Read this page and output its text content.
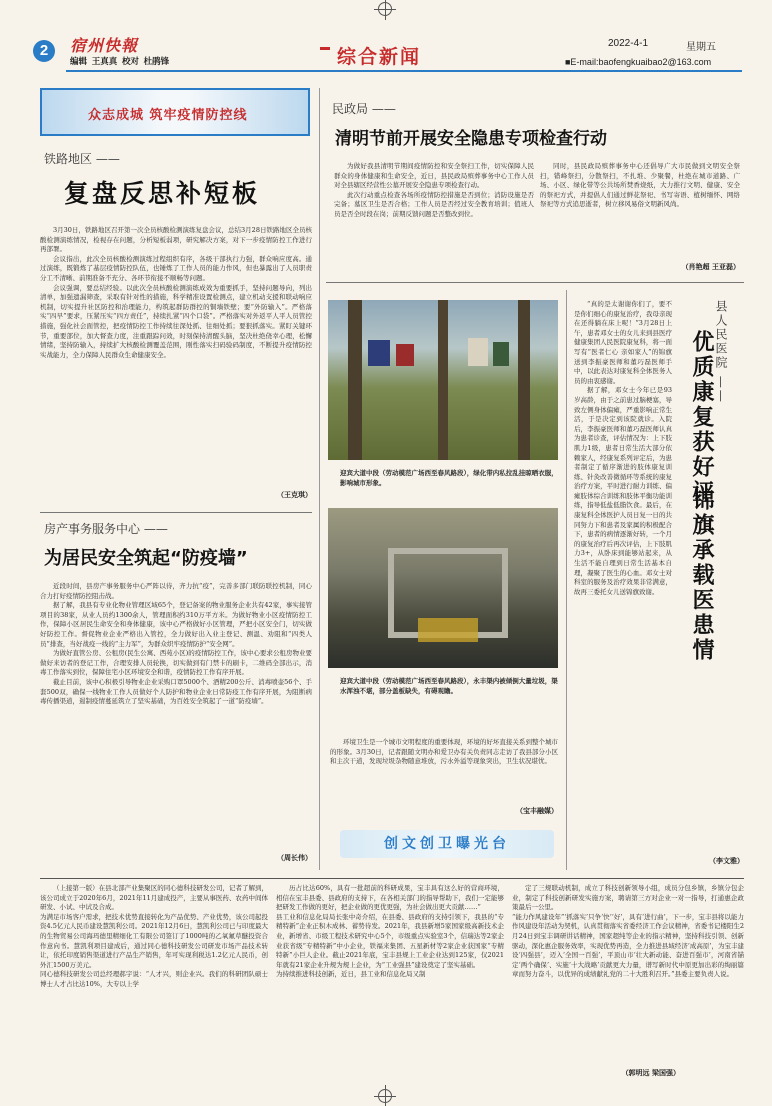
2	宿州快報
编辑  王真真  校对  杜鹃锋	综合新闻
2022-4-1	星期五
■E-mail:baofengkuaibao2@163.com
众志成城 筑牢疫情防控线
铁路地区 ——
复盘反思补短板

3月30日，铁路地区召开第一次全员核酸检测演练复盘会议，总结3月28日铁路地区全员核酸检测演练情况，检视存在问题，分析短板弱项，研究解决方案，对下一步疫情防控工作进行再部署。

会议指出，此次全员核酸检测演练过程组织有序，各级干部执行力强，群众响应度高。通过演练，既锻炼了基层疫情防控队伍，也锤炼了工作人员的能力作风，但也暴露出了人员职责分工不清晰、前期准备不充分、各环节衔接不顺畅等问题。

会议强调，要总结经验。以此次全员核酸检测演练成效为重要抓手，坚持问题导向，列出清单，加强遗漏筛查，采取有针对性的措施，科学精准设置检测点，建立机动支援和联动响应机制，切实提升社区防控和治理能力，构筑起群防群控的铜墙铁壁；要“外防输入”。严格落实“四早”要求，压紧压实“四方责任”，持续扎紧“四个口袋”。严格落实对外返平人平人员管控措施，强化社会面管控，把疫情防控工作持续往深处抓、往细处抓；要狠抓落实。紧盯关键环节，重要部位，加大督查力度，注重跟踪问效，时刻保持清醒头脑，坚决杜绝侥幸心理，松懈情绪，坚持防输入，持续扩大核酸检测覆盖范围，刚性落实扫码验码制度，不断提升疫情防控实战能力，全力保障人民群众生命健康安全。

（王克琪）
房产事务服务中心 ——
为居民安全筑起“防疫墙”

近段时间，县房产事务服务中心严阵以待，齐力抗“疫”，完善多部门联防联控机制，同心合力打好疫情防控阻击战。

据了解，我县有专业化物业管理区域65个，登记备案的物业服务企业共有42家，事实接管项目的38家，从业人员约1300余人，管理面积约310万平方米。为做好物业小区疫情防控工作，保障小区居民生命安全和身体健康，该中心严格做好小区管理，严把小区安全门，切实做好防控工作。督促物业企业严格出入管控，全力做好出入业主登记、测温、劝阻和“四类人员”排查，当好战疫一线的“主力军”，为群众织牢疫情防护“安全网”。

为做好直管公房、公租房(民生公寓、西苑小区)的疫情防控工作，该中心要求公租房物业要做好来访者的登记工作，合理安排人员轮换，切实做到有门禁卡的刷卡，二维码全部出示，消毒工作落实到位，保障住宅小区环境安全和谐，疫情防控工作有序开展。

截止目前，该中心积极引导物业企业采购口罩5000个、酒精200公斤、消毒喷壶56个、手套500双，确保一线物业工作人员做好个人防护和物业企业日常防疫工作有序开展，为阻断病毒传播渠道，遏制疫情蔓延筑立了坚实基础，为百姓安全筑起了一道“防疫墙”。

（周长伟）
民政局 ——
清明节前开展安全隐患专项检查行动

为做好我县清明节期间疫情防控和安全祭扫工作，切实保障人民群众的身体健康和生命安全，近日，县民政局殡葬事务中心工作人员对全县辖区经营性公墓开展安全隐患专项检查行动。

此次行动重点检查各场所疫情防控措施是否到位；消防设施是否完备；墓区卫生是否合格；工作人员是否经过安全教育培训；值班人员是否全时段在岗；前期反馈问题是否整改到位。

同时，县民政局殡葬事务中心还倡导广大市民做到文明安全祭扫，错峰祭扫，分散祭扫，不扎堆、少聚餐，杜绝在城市道路、广场、小区、绿化带等公共场所焚香烧纸，大力推行文明、健康、安全的祭祀方式，并提倡人们通过鲜花祭祀、书写寄语、植树缅怀、网络祭祀等方式追思逝者，树立移风易俗文明新风尚。

（肖艳超 王亚磊）
迎宾大道中段（劳动模范广场西至春风路段），绿化带内私拉乱挂晾晒衣服，影响城市形象。
迎宾大道中段（劳动模范广场西至春风路段），永丰渠内被倾倒大量垃圾，渠水浑浊不堪，部分盖板缺失，有碍观瞻。

环境卫生是一个城市文明程度的重要体现，环境的好坏直接关系到整个城市的形象。3月30日，记者跟随文明办和爱卫办有关负责同志走访了我县部分小区和主次干道，发现垃圾杂物随意堆放，污水外溢等现象突出，卫生状况堪忧。

（宝丰融媒）
创文创卫曝光台
县人民医院 ——
优质康复获好评
锦旗承载医患情

“真的是太谢谢你们了，要不是你们细心的康复治疗，我母亲现在还得躺在床上呢！”3月28日上午，患者邓女士的女儿来到县医疗健康集团人民医院康复科，将一面写有“医者仁心 亲如家人”的锦旗送到李振豪医师和董巧磊医师手中，以此表达对康复科全体医务人员的由衷感谢。

据了解，邓女士今年已是93岁高龄，由于之前患过脑梗塞，导致左侧身体偏瘫，严重影响正常生活，于是决定到该院就诊。入院后，李振豪医师和董巧磊医师认真为患者诊查，评估情况为：上下肢肌力1级，患者日常生活大部分依赖家人，经康复系列评定后，为患者制定了循序渐进的肢体康复训练、针灸改善微循环等系统的康复治疗方案，平时进行耐力训练、偏瘫肢体综合训练和肢体平衡功能训练，指导低盐低脂饮食。最后，在康复科全体医护人员日复一日的共同努力下和患者及家属的积极配合下，患者的病情逐渐好转，一个月的康复治疗后再次评估，上下肢肌力3+，从卧床到能够站起来，从生活不能自理到日常生活基本自理，凝聚了医生的心血。邓女士对科室的服务及治疗效果非常满意，故再三委托女儿送锦旗致谢。

（李文雅）

（上接第一版）在县北部产业集聚区的同心德科技研发公司，记者了解到，该公司成立于2020年6月，2021年11月建成投产，主要从事医药、农药中间体研发、小试、中试及合成。
为满足市场客户需求，把技术优势直接转化为产品优势、产业优势，该公司起投资4.5亿元人民币建设慧凯利公司。2021年12月6日，慧凯利公司已与印度最大的生物贸易公司海玛德里精细化工有限公司签订了1000吨的乙氧氟草醚投资合作意向书。慧凯利项目建成后，通过同心德科技研发公司研发市场产品技术转让，依托印度销售渠道进行产品生产销售，年可实现利税达1.2亿元人民币，创外汇1500万美元。
同心德科技研发公司总经理郝宇说：“人才兴，则企业兴。我们的科研团队硕士博士人才占比达10%，大专以上学

历占比达60%，具有一批超前的科研成果，宝丰具有这么好的营商环境，相信在宝丰县委、县政府的支持下，在各相关部门的指导帮助下，我们一定能够把研发工作做的更好，把企业做的更优更强，为社会做出更大贡献……”
县工业和信息化局局长张中奇介绍，在县委、县政府的支持引领下，我县的“专精特新”企业正积木成林、蓄势待发。2021年，我县新增5家国家级高新技术企业，新增省、市级工程技术研究中心5个，市级重点实验室3个，信瑞达等2家企业获省级“专精特新”中小企业，铁福来集团、五星新材等2家企业获国家“专精特新”小巨人企业。截止2021年底，宝丰县规上工业企业达到125家，仅2021年就有21家企业升规为规上企业，为“工业强县”建设奠定了坚实基础。
为持续推进科技创新，近日，县工业和信息化局又制

定了三规联动机制，成立了科技创新领导小组，成员分包乡镇，乡镇分包企业，制定了科技创新研发实施方案，聘请第三方对企业一对一指导，打通惠企政策最后一公里。
“能力作风建设年”‘抓落实’只争‘快’‘好’，具有‘进行曲’，下一步，宝丰县将以能力作风建设年活动为契机，认真贯彻落实省委经济工作会议精神，省委书记楼阳生2月24日到宝丰调研讲话精神，国家超纯等企业的指示精神，坚持科技引领、创新驱动，深化惠企服务效率，实现优势再造，全力推进县域经济‘成高原’，为宝丰建设‘四强县’，迈入‘全国一百强’，平顶山市‘壮大新动能、奋进百强市’，河南省锚定‘两个确保’、实施‘十大战略’贡献更大力量，谱写新时代中原更加出彩的绚丽篇章而努力奋斗，以优异的成绩献礼党的二十大胜利召开。”县委主要负责人说。

（郭明远 梁国强）
